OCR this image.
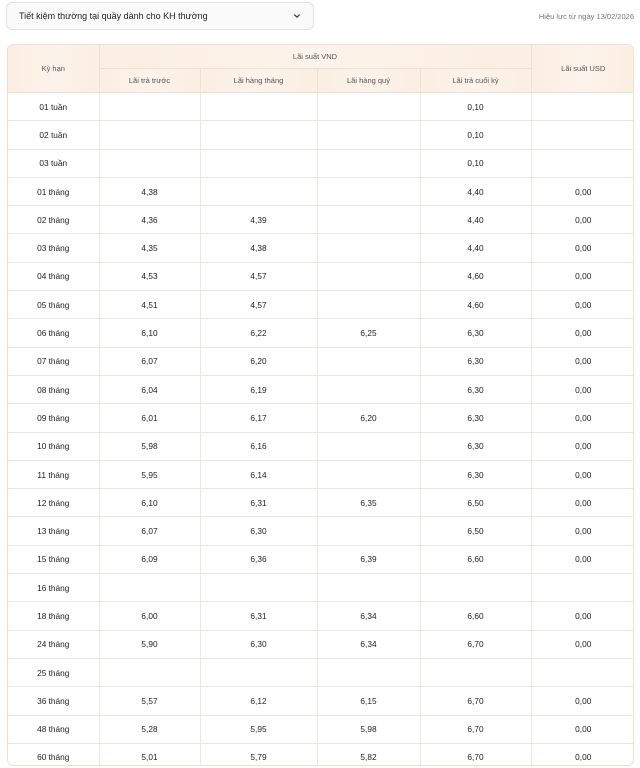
Tiết kiệm thường tại quầy dành cho KH thường	Hiệu lực từ ngày 13/02/2026
Kỳ hạn	Lãi suất VND				Lãi suất USD
	Lãi trả trước	Lãi hàng tháng	Lãi hàng quý	Lãi trả cuối kỳ	
01 tuần				0,10	
02 tuần				0,10	
03 tuần				0,10	
01 tháng	4,38			4,40	0,00
02 tháng	4,36	4,39		4,40	0,00
03 tháng	4,35	4,38		4,40	0,00
04 tháng	4,53	4,57		4,60	0,00
05 tháng	4,51	4,57		4,60	0,00
06 tháng	6,10	6,22	6,25	6,30	0,00
07 tháng	6,07	6,20		6,30	0,00
08 tháng	6,04	6,19		6,30	0,00
09 tháng	6,01	6,17	6,20	6,30	0,00
10 tháng	5,98	6,16		6,30	0,00
11 tháng	5,95	6,14		6,30	0,00
12 tháng	6,10	6,31	6,35	6,50	0,00
13 tháng	6,07	6,30		6,50	0,00
15 tháng	6,09	6,36	6,39	6,60	0,00
16 tháng					
18 tháng	6,00	6,31	6,34	6,60	0,00
24 tháng	5,90	6,30	6,34	6,70	0,00
25 tháng					
36 tháng	5,57	6,12	6,15	6,70	0,00
48 tháng	5,28	5,95	5,98	6,70	0,00
60 tháng	5,01	5,79	5,82	6,70	0,00
